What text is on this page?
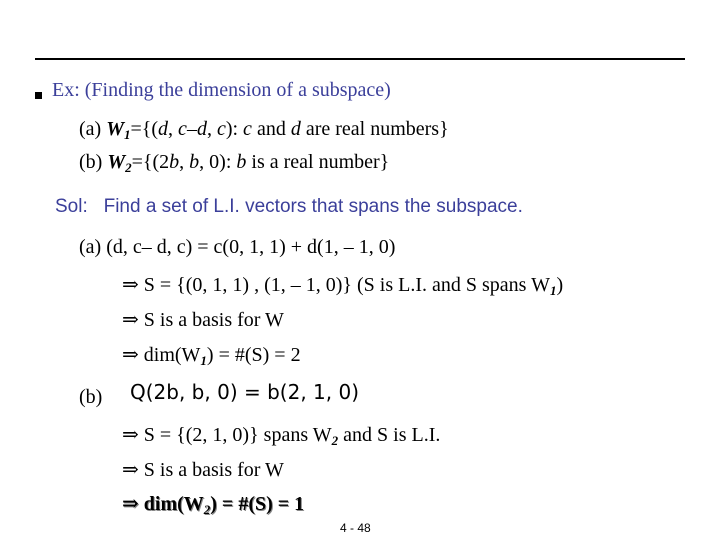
Ex: (Finding the dimension of a subspace)
(a) $W_1=\{(d$, c–d, c): c and d are real numbers}
(b) $W_2=\{(2b$, b, 0): b is a real number}
Sol: Find a set of L.I. vectors that spans the subspace.
(a) (d, c– d, c) = c(0, 1, 1) + d(1, – 1, 0)
⇒ S = {(0, 1, 1) , (1, – 1, 0)} (S is L.I. and S spans $W_1$)
⇒ S is a basis for W
⇒ $dim(W_1)$ = #(S) = 2
(b) Q(2b, b, 0) = b(2, 1, 0)
⇒ S = {(2, 1, 0)} spans $W_2$ and S is L.I.
⇒ S is a basis for W
⇒ $dim(W_2)$ = #(S) = 1
4 - 48
